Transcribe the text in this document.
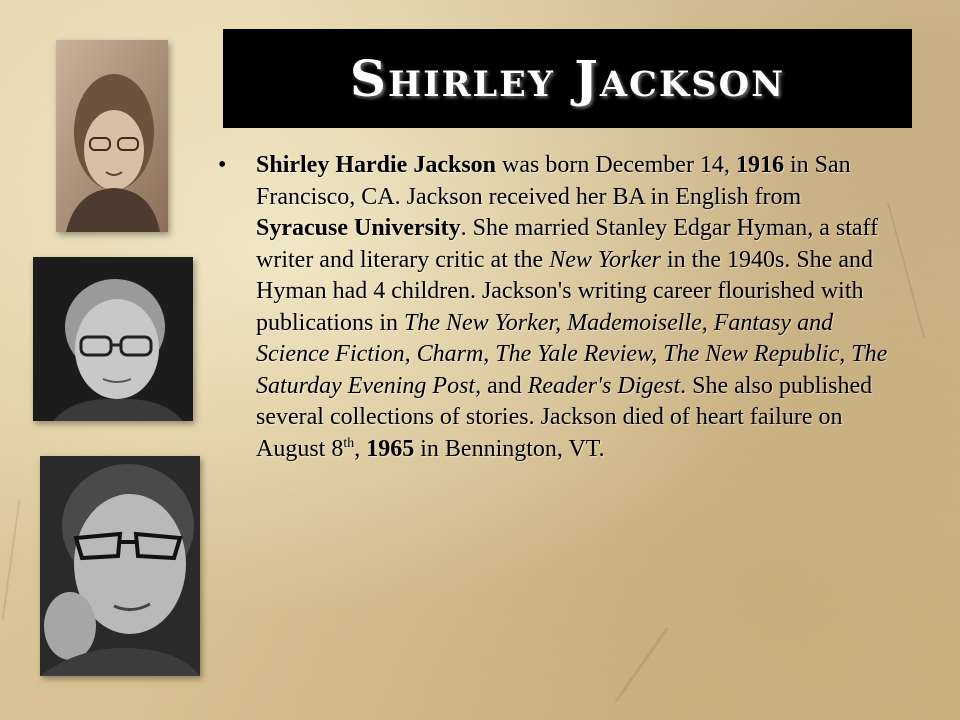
Shirley Jackson
• Shirley Hardie Jackson was born December 14, 1916 in San Francisco, CA. Jackson received her BA in English from Syracuse University. She married Stanley Edgar Hyman, a staff writer and literary critic at the New Yorker in the 1940s. She and Hyman had 4 children. Jackson's writing career flourished with publications in The New Yorker, Mademoiselle, Fantasy and Science Fiction, Charm, The Yale Review, The New Republic, The Saturday Evening Post, and Reader's Digest. She also published several collections of stories. Jackson died of heart failure on August 8th, 1965 in Bennington, VT.
